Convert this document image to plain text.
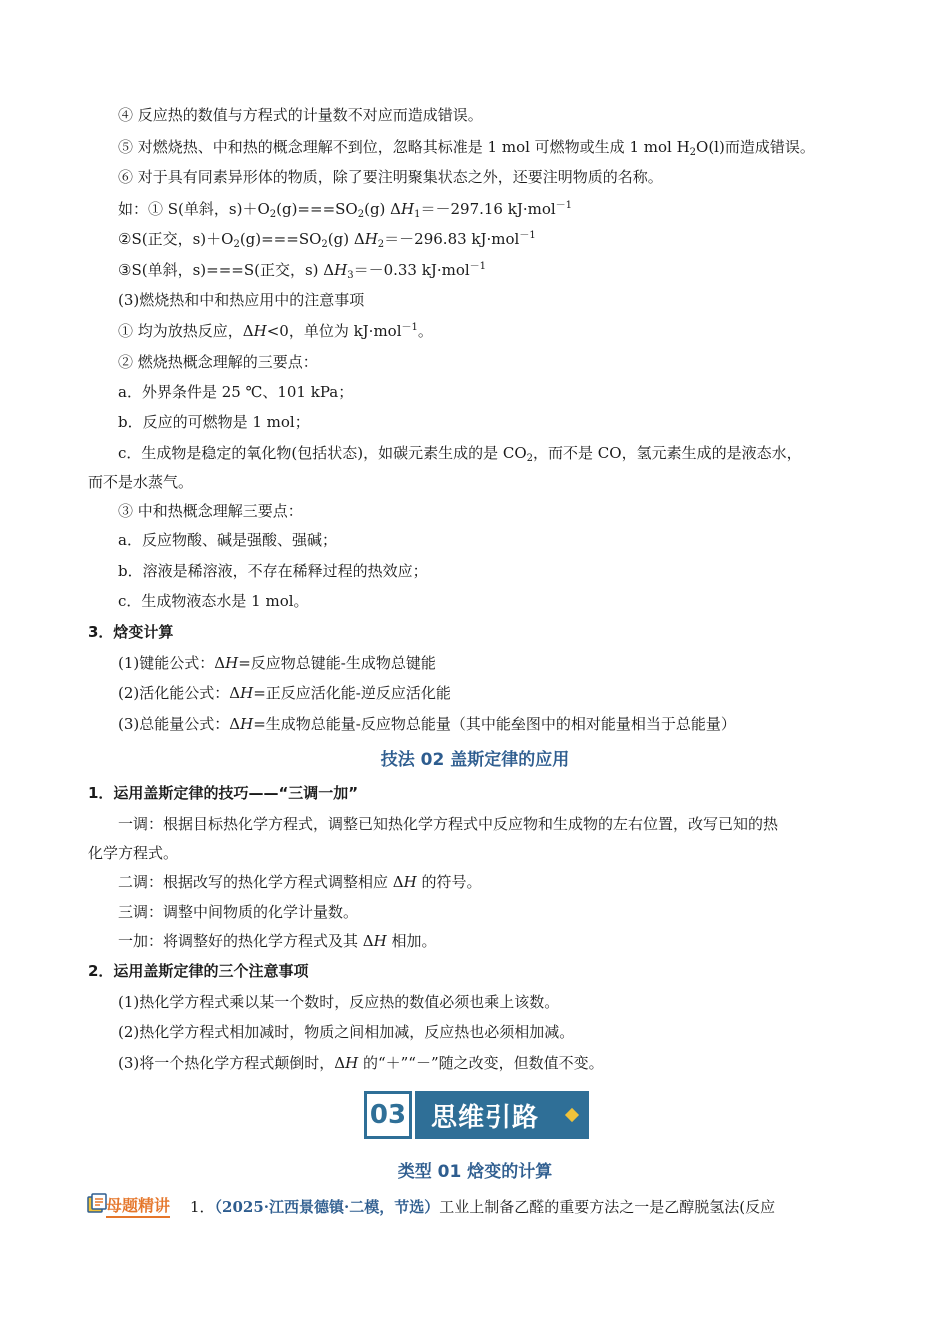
④ 反应热的数值与方程式的计量数不对应而造成错误。
⑤ 对燃烧热、中和热的概念理解不到位，忽略其标准是 1 mol 可燃物或生成 1 mol $H_2O(l)$而造成错误。
⑥ 对于具有同素异形体的物质，除了要注明聚集状态之外，还要注明物质的名称。
如：① S(单斜，$s)+O_2(g)===SO_2(g)$ $\Delta H_1=-297.16$ kJ·mol$^{-1}$
②S(正交，$s)+O_2(g)===SO_2(g)$ $\Delta H_2=-296.83$ kJ·mol$^{-1}$
③S(单斜，s)===S(正交，s) $\Delta H_3=-0.33$ kJ·mol$^{-1}$
(3)燃烧热和中和热应用中的注意事项
① 均为放热反应，ΔH<0，单位为 kJ·mol$^{-1}$。
② 燃烧热概念理解的三要点：
a．外界条件是 25 ℃、101 kPa；
b．反应的可燃物是 1 mol；
c．生成物是稳定的氧化物(包括状态)，如碳元素生成的是 $CO_2$，而不是 CO，氢元素生成的是液态水，
而不是水蒸气。
③ 中和热概念理解三要点：
a．反应物酸、碱是强酸、强碱；
b．溶液是稀溶液，不存在稀释过程的热效应；
c．生成物液态水是 1 mol。
3．焓变计算
(1)键能公式：ΔH=反应物总键能-生成物总键能
(2)活化能公式：ΔH=正反应活化能-逆反应活化能
(3)总能量公式：ΔH=生成物总能量-反应物总能量（其中能垒图中的相对能量相当于总能量）
技法 02 盖斯定律的应用
1．运用盖斯定律的技巧——“三调一加”
一调：根据目标热化学方程式，调整已知热化学方程式中反应物和生成物的左右位置，改写已知的热
化学方程式。
二调：根据改写的热化学方程式调整相应 ΔH 的符号。
三调：调整中间物质的化学计量数。
一加：将调整好的热化学方程式及其 ΔH 相加。
2．运用盖斯定律的三个注意事项
(1)热化学方程式乘以某一个数时，反应热的数值必须也乘上该数。
(2)热化学方程式相加减时，物质之间相加减，反应热也必须相加减。
(3)将一个热化学方程式颠倒时，ΔH 的“＋”“－”随之改变，但数值不变。
03 思维引路
类型 01 焓变的计算
母题精讲 1．（2025·江西景德镇·二模，节选）工业上制备乙醛的重要方法之一是乙醇脱氢法(反应
